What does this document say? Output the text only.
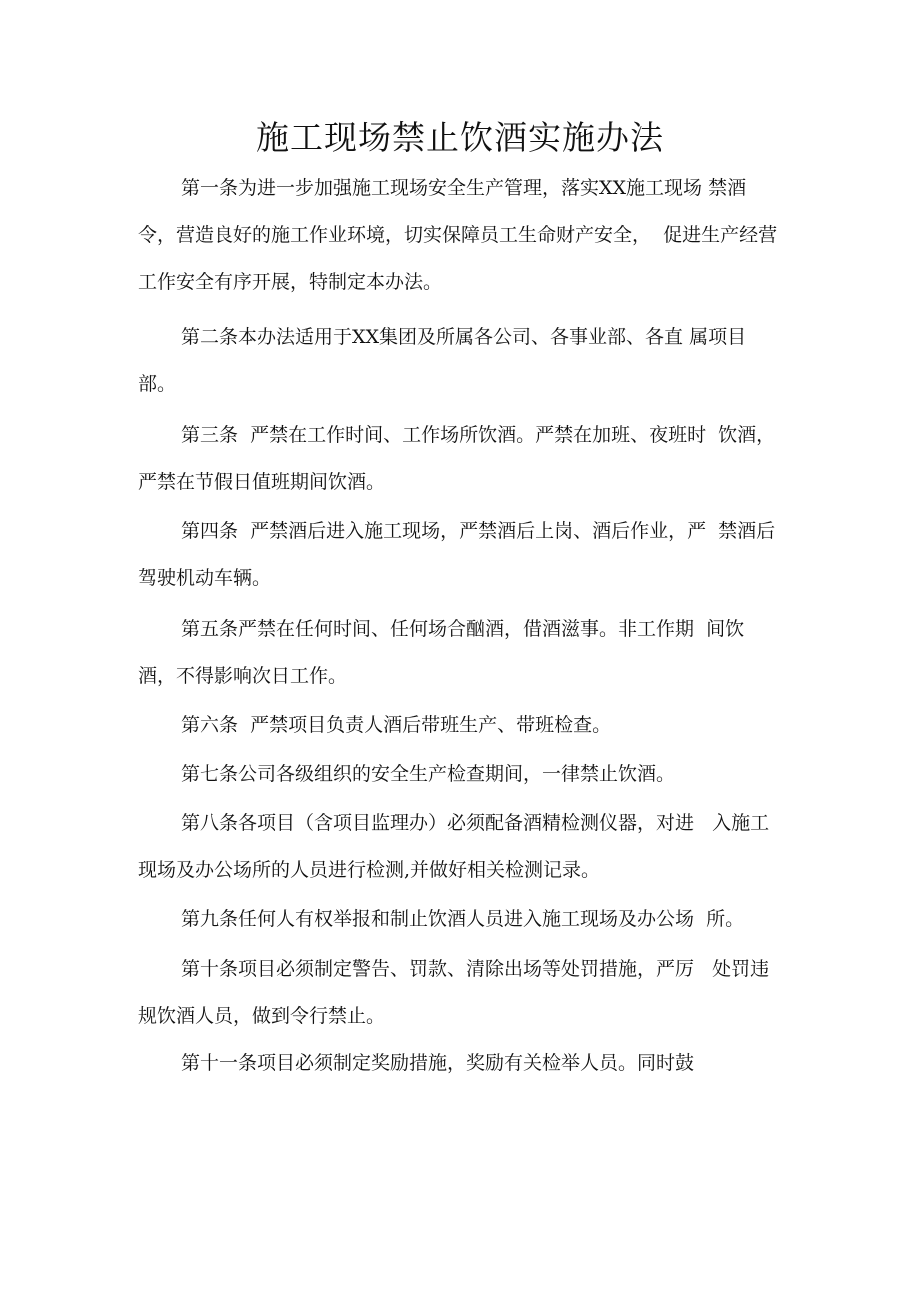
施工现场禁止饮酒实施办法

第一条为进一步加强施工现场安全生产管理，落实XX施工现场 禁酒令，营造良好的施工作业环境，切实保障员工生命财产安全，  促进生产经营工作安全有序开展，特制定本办法。

第二条本办法适用于XX集团及所属各公司、各事业部、各直 属项目部。

第三条  严禁在工作时间、工作场所饮酒。严禁在加班、夜班时  饮酒，严禁在节假日值班期间饮酒。

第四条  严禁酒后进入施工现场，严禁酒后上岗、酒后作业，严  禁酒后驾驶机动车辆。

第五条严禁在任何时间、任何场合酗酒，借酒滋事。非工作期  间饮酒，不得影响次日工作。

第六条  严禁项目负责人酒后带班生产、带班检查。

第七条公司各级组织的安全生产检查期间，一律禁止饮酒。

第八条各项目（含项目监理办）必须配备酒精检测仪器，对进   入施工现场及办公场所的人员进行检测,并做好相关检测记录。

第九条任何人有权举报和制止饮酒人员进入施工现场及办公场  所。

第十条项目必须制定警告、罚款、清除出场等处罚措施，严厉   处罚违规饮酒人员，做到令行禁止。

第十一条项目必须制定奖励措施，奖励有关检举人员。同时鼓
